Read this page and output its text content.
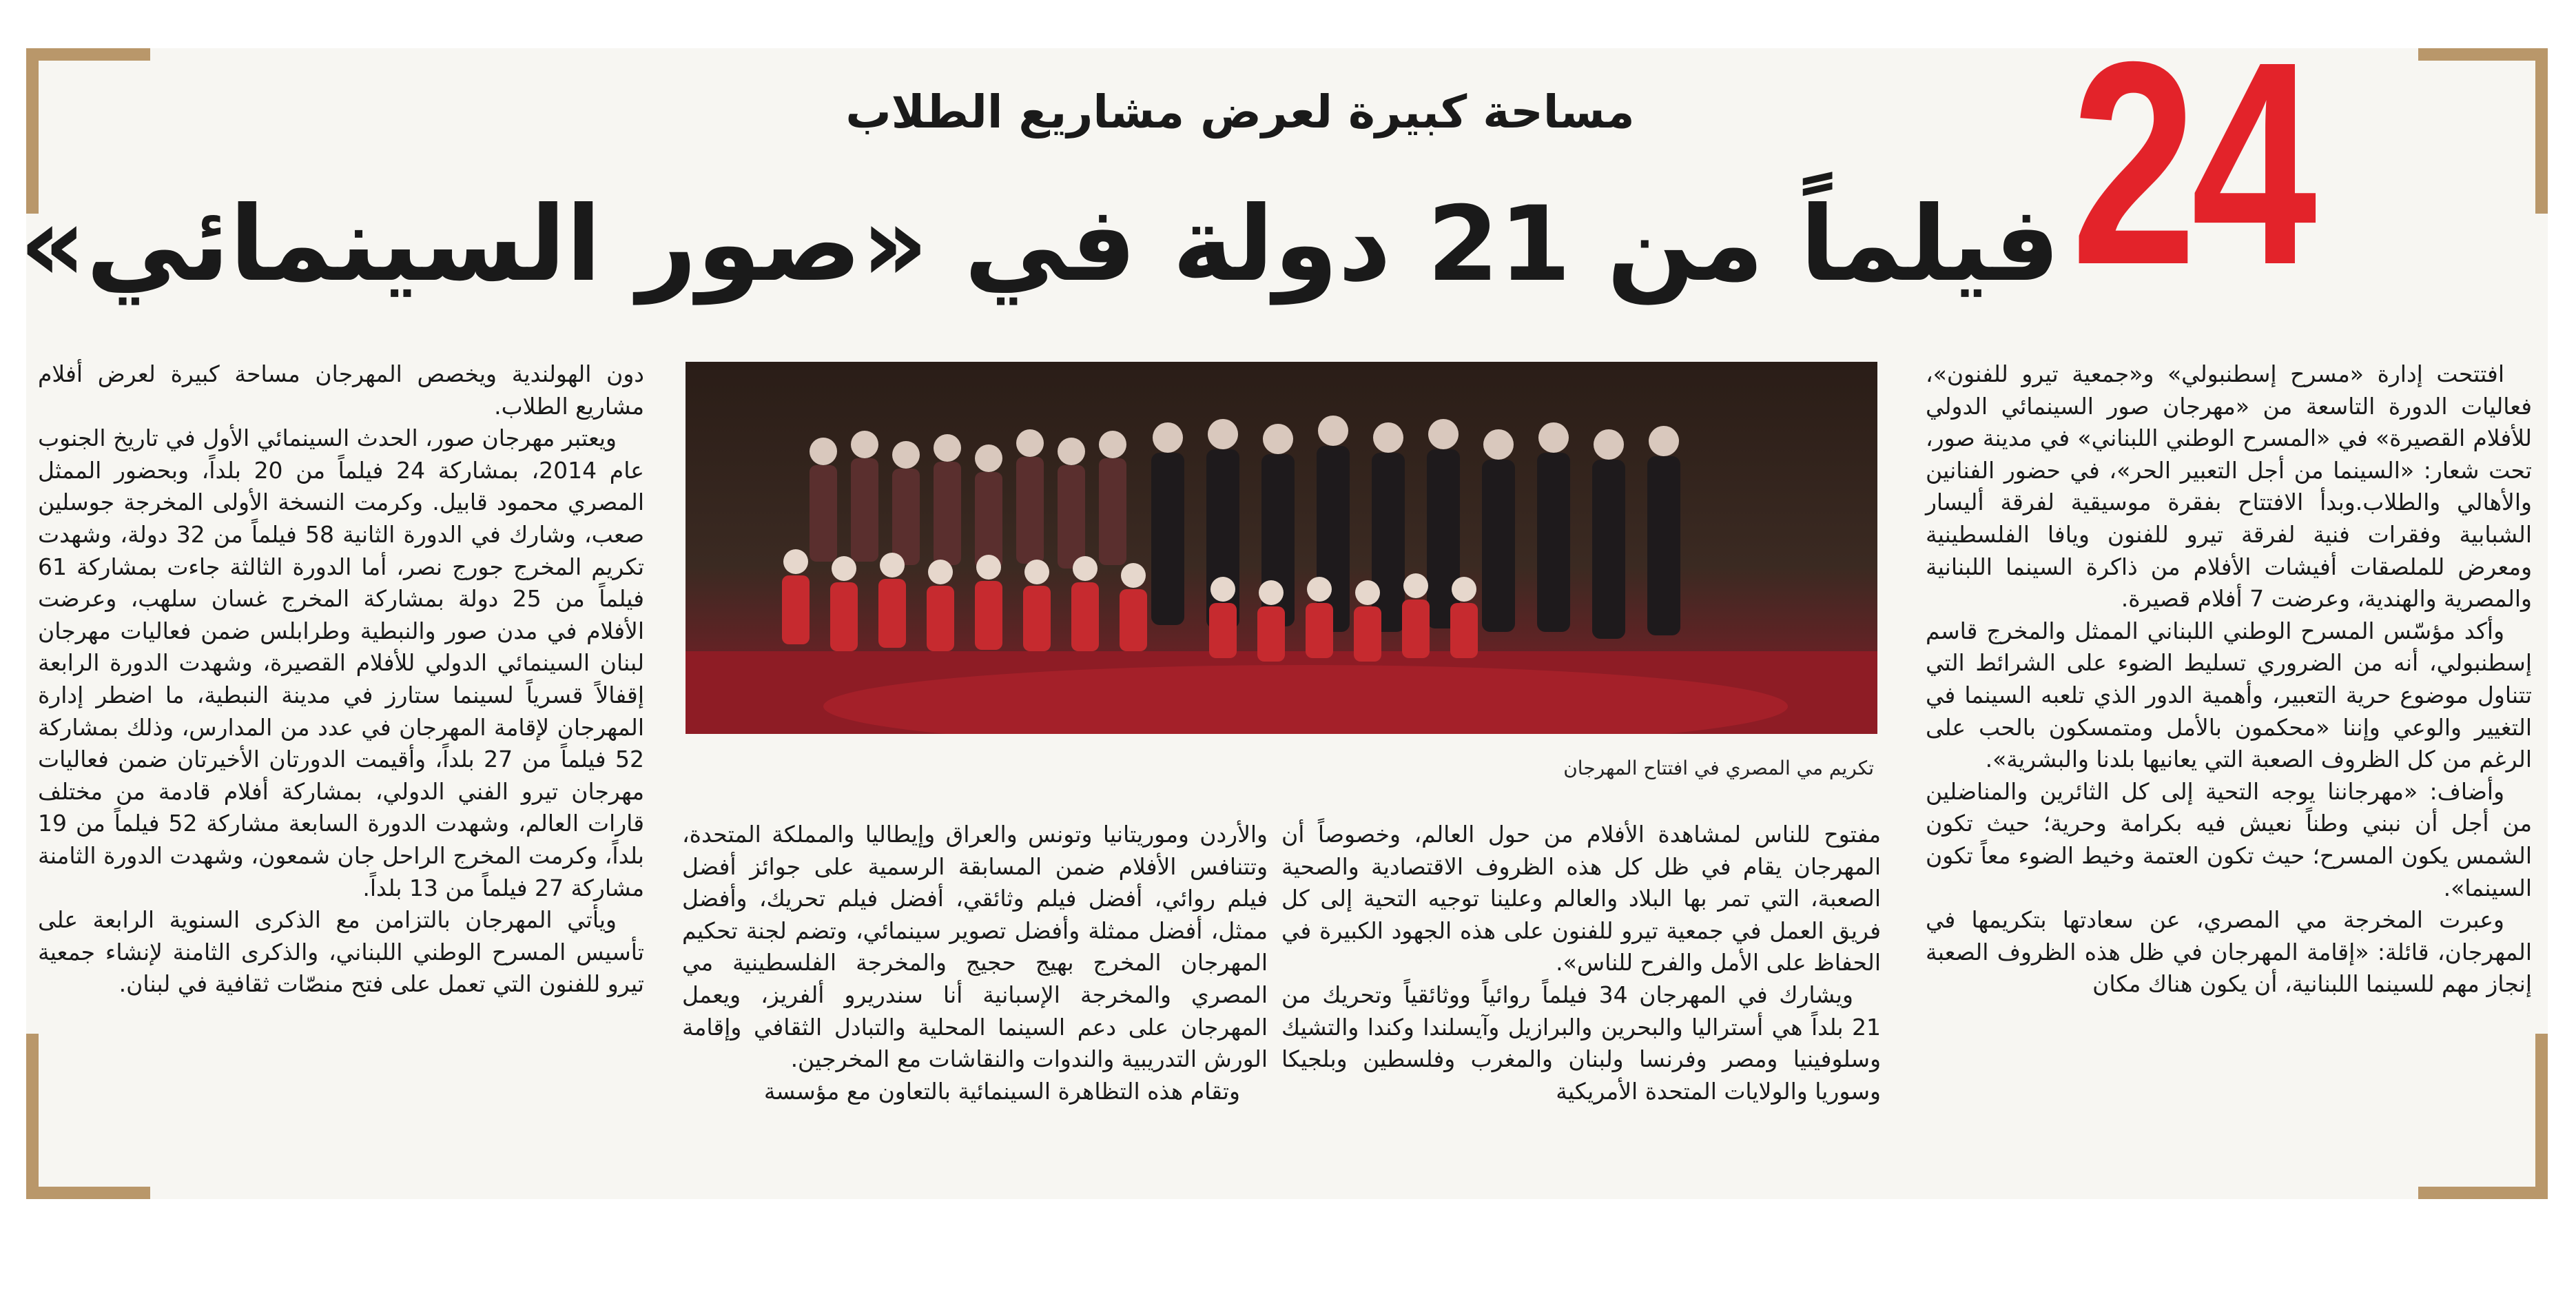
24
مساحة كبيرة لعرض مشاريع الطلاب
فيلماً من 21 دولة في «صور السينمائي»

افتتحت إدارة «مسرح إسطنبولي» و«جمعية تيرو للفنون»، فعاليات الدورة التاسعة من «مهرجان صور السينمائي الدولي للأفلام القصيرة» في «المسرح الوطني اللبناني» في مدينة صور، تحت شعار: «السينما من أجل التعبير الحر»، في حضور الفنانين والأهالي والطلاب.وبدأ الافتتاح بفقرة موسيقية لفرقة أليسار الشبابية وفقرات فنية لفرقة تيرو للفنون ويافا الفلسطينية ومعرض للملصقات أفيشات الأفلام من ذاكرة السينما اللبنانية والمصرية والهندية، وعرضت 7 أفلام قصيرة.

وأكد مؤسّس المسرح الوطني اللبناني الممثل والمخرج قاسم إسطنبولي، أنه من الضروري تسليط الضوء على الشرائط التي تتناول موضوع حرية التعبير، وأهمية الدور الذي تلعبه السينما في التغيير والوعي وإننا «محكمون بالأمل ومتمسكون بالحب على الرغم من كل الظروف الصعبة التي يعانيها بلدنا والبشرية».

وأضاف: «مهرجاننا يوجه التحية إلى كل الثائرين والمناضلين من أجل أن نبني وطناً نعيش فيه بكرامة وحرية؛ حيث تكون الشمس يكون المسرح؛ حيث تكون العتمة وخيط الضوء معاً تكون السينما».

وعبرت المخرجة مي المصري، عن سعادتها بتكريمها في المهرجان، قائلة: «إقامة المهرجان في ظل هذه الظروف الصعبة إنجاز مهم للسينما اللبنانية، أن يكون هناك مكان

تكريم مي المصري في افتتاح المهرجان

مفتوح للناس لمشاهدة الأفلام من حول العالم، وخصوصاً أن المهرجان يقام في ظل كل هذه الظروف الاقتصادية والصحية الصعبة، التي تمر بها البلاد والعالم وعلينا توجيه التحية إلى كل فريق العمل في جمعية تيرو للفنون على هذه الجهود الكبيرة في الحفاظ على الأمل والفرح للناس».

ويشارك في المهرجان 34 فيلماً روائياً ووثائقياً وتحريك من 21 بلداً هي أستراليا والبحرين والبرازيل وآيسلندا وكندا والتشيك وسلوفينيا ومصر وفرنسا ولبنان والمغرب وفلسطين وبلجيكا وسوريا والولايات المتحدة الأمريكية

والأردن وموريتانيا وتونس والعراق وإيطاليا والمملكة المتحدة، وتتنافس الأفلام ضمن المسابقة الرسمية على جوائز أفضل فيلم روائي، أفضل فيلم وثائقي، أفضل فيلم تحريك، وأفضل ممثل، أفضل ممثلة وأفضل تصوير سينمائي، وتضم لجنة تحكيم المهرجان المخرج بهيج حجيج والمخرجة الفلسطينية مي المصري والمخرجة الإسبانية أنا سندريرو ألفريز، ويعمل المهرجان على دعم السينما المحلية والتبادل الثقافي وإقامة الورش التدريبية والندوات والنقاشات مع المخرجين.

وتقام هذه التظاهرة السينمائية بالتعاون مع مؤسسة

دون الهولندية ويخصص المهرجان مساحة كبيرة لعرض أفلام مشاريع الطلاب.

ويعتبر مهرجان صور، الحدث السينمائي الأول في تاريخ الجنوب عام 2014، بمشاركة 24 فيلماً من 20 بلداً، وبحضور الممثل المصري محمود قابيل. وكرمت النسخة الأولى المخرجة جوسلين صعب، وشارك في الدورة الثانية 58 فيلماً من 32 دولة، وشهدت تكريم المخرج جورج نصر، أما الدورة الثالثة جاءت بمشاركة 61 فيلماً من 25 دولة بمشاركة المخرج غسان سلهب، وعرضت الأفلام في مدن صور والنبطية وطرابلس ضمن فعاليات مهرجان لبنان السينمائي الدولي للأفلام القصيرة، وشهدت الدورة الرابعة إقفالاً قسرياً لسينما ستارز في مدينة النبطية، ما اضطر إدارة المهرجان لإقامة المهرجان في عدد من المدارس، وذلك بمشاركة 52 فيلماً من 27 بلداً، وأقيمت الدورتان الأخيرتان ضمن فعاليات مهرجان تيرو الفني الدولي، بمشاركة أفلام قادمة من مختلف قارات العالم، وشهدت الدورة السابعة مشاركة 52 فيلماً من 19 بلداً، وكرمت المخرج الراحل جان شمعون، وشهدت الدورة الثامنة مشاركة 27 فيلماً من 13 بلداً.

ويأتي المهرجان بالتزامن مع الذكرى السنوية الرابعة على تأسيس المسرح الوطني اللبناني، والذكرى الثامنة لإنشاء جمعية تيرو للفنون التي تعمل على فتح منصّات ثقافية في لبنان.
